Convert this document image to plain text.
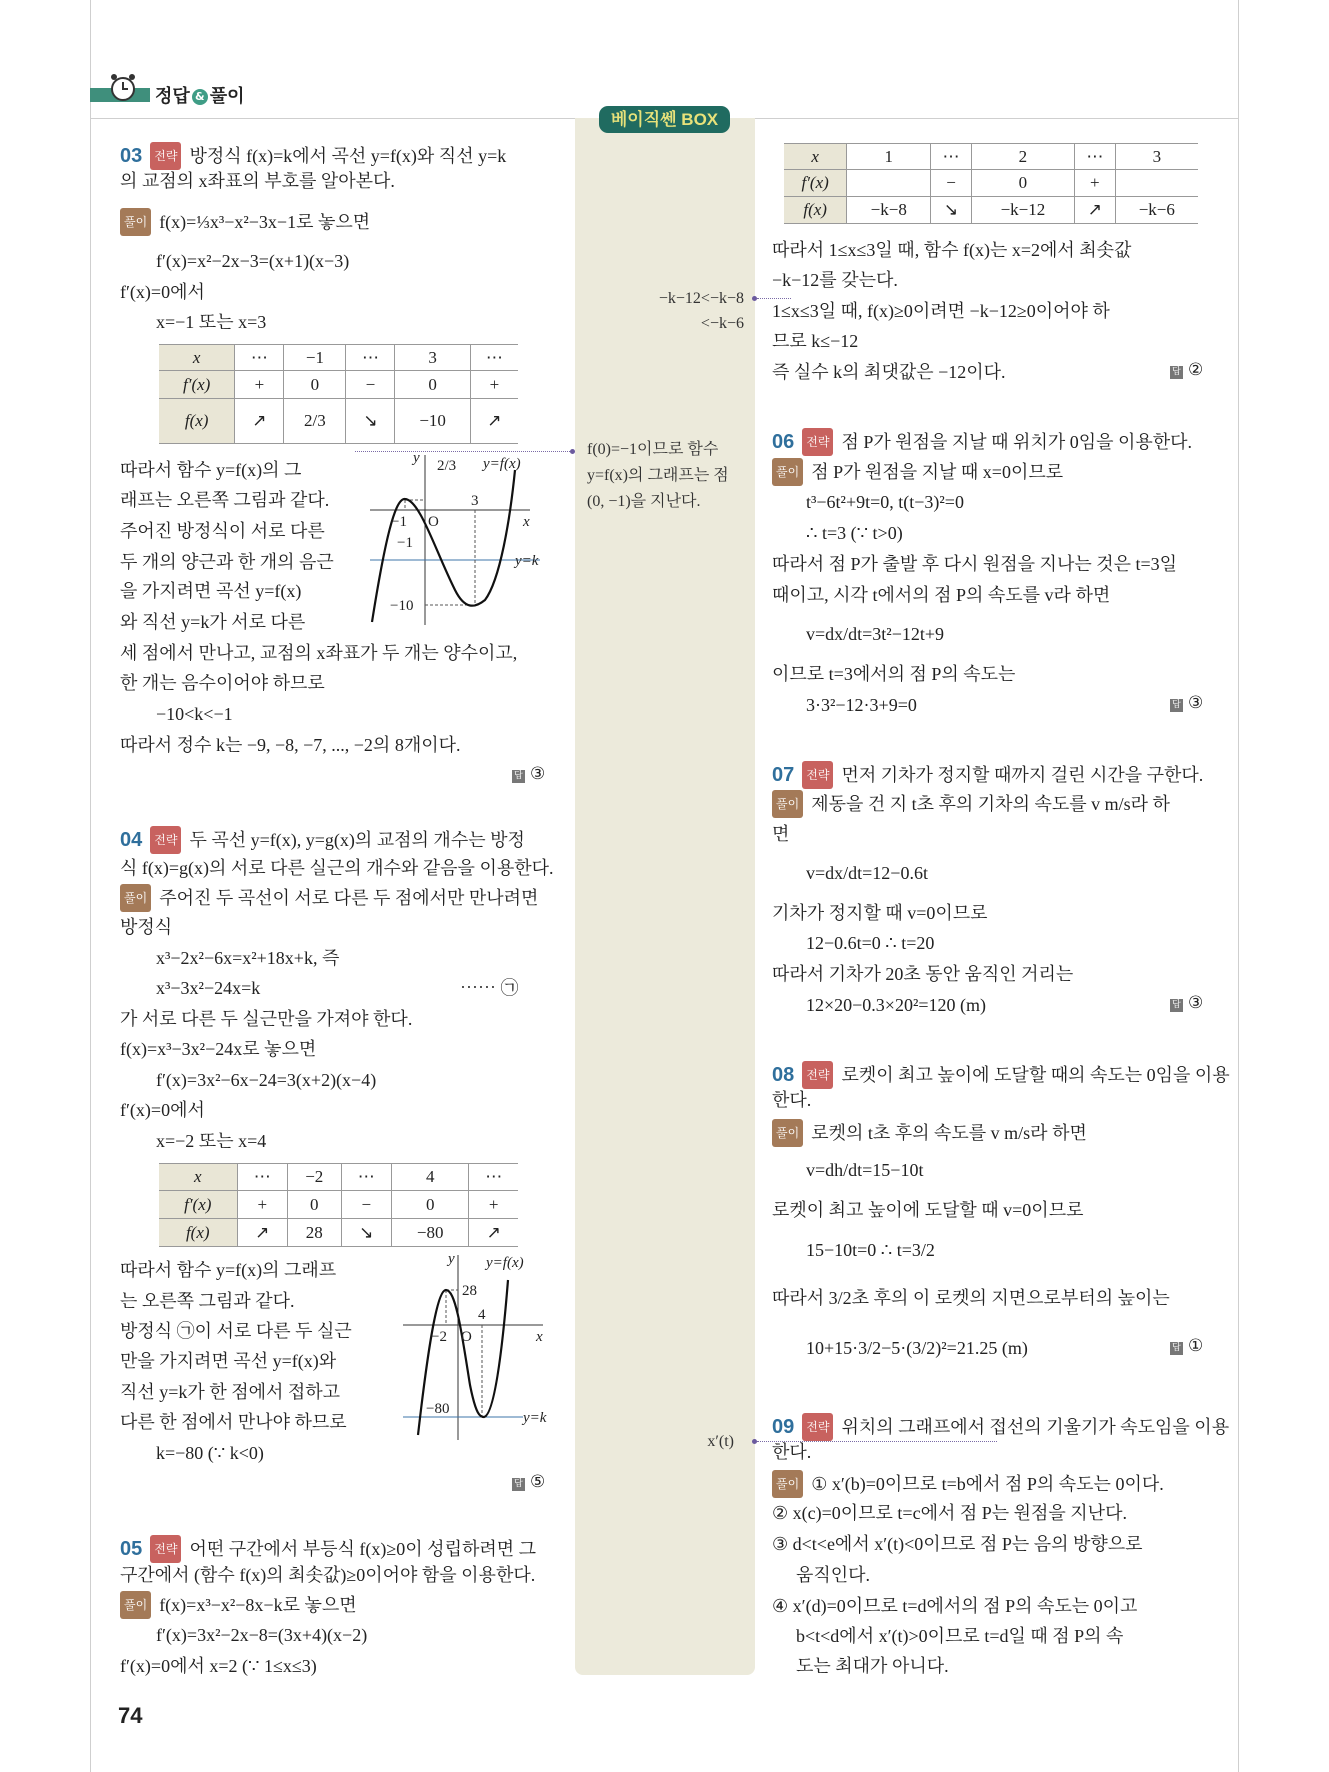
정답 & 풀이
베이직쎈 BOX
−k−12<−k−8
<−k−6
f(0)=−1이므로 함수
y=f(x)의 그래프는 점
(0, −1)을 지난다.
x′(t)
03 전략 방정식 f(x)=k에서 곡선 y=f(x)와 직선 y=k
의 교점의 x좌표의 부호를 알아본다.
풀이 f(x)=⅓x³−x²−3x−1로 놓으면
f′(x)=x²−2x−3=(x+1)(x−3)
f′(x)=0에서
x=−1 또는 x=3
x	⋯	−1	⋯	3	⋯
f′(x)	+	0	−	0	+
f(x)	↗	2/3	↘	−10	↗
따라서 함수 y=f(x)의 그
래프는 오른쪽 그림과 같다.
주어진 방정식이 서로 다른
두 개의 양근과 한 개의 음근
을 가지려면 곡선 y=f(x)
와 직선 y=k가 서로 다른
세 점에서 만나고, 교점의 x좌표가 두 개는 양수이고,
한 개는 음수이어야 하므로
−10<k<−1
따라서 정수 k는 −9, −8, −7, ..., −2의 8개이다.
답 ③
y
x
O
2/3 y=f(x)
y=k
−1
−1
3
−10
04 전략 두 곡선 y=f(x), y=g(x)의 교점의 개수는 방정
식 f(x)=g(x)의 서로 다른 실근의 개수와 같음을 이용한다.
풀이 주어진 두 곡선이 서로 다른 두 점에서만 만나려면
방정식
x³−2x²−6x=x²+18x+k, 즉
x³−3x²−24x=k	⋯⋯ ㉠
가 서로 다른 두 실근만을 가져야 한다.
f(x)=x³−3x²−24x로 놓으면
f′(x)=3x²−6x−24=3(x+2)(x−4)
f′(x)=0에서
x=−2 또는 x=4
x	⋯	−2	⋯	4	⋯
f′(x)	+	0	−	0	+
f(x)	↗	28	↘	−80	↗
따라서 함수 y=f(x)의 그래프
는 오른쪽 그림과 같다.
방정식 ㉠이 서로 다른 두 실근
만을 가지려면 곡선 y=f(x)와
직선 y=k가 한 점에서 접하고
다른 한 점에서 만나야 하므로
k=−80 (∵ k<0)
답 ⑤
y
x
O
y=f(x)
y=k
28
−2
4
−80
05 전략 어떤 구간에서 부등식 f(x)≥0이 성립하려면 그
구간에서 (함수 f(x)의 최솟값)≥0이어야 함을 이용한다.
풀이 f(x)=x³−x²−8x−k로 놓으면
f′(x)=3x²−2x−8=(3x+4)(x−2)
f′(x)=0에서 x=2 (∵ 1≤x≤3)
74
x	1	⋯	2	⋯	3
f′(x)		−	0	+	
f(x)	−k−8	↘	−k−12	↗	−k−6
따라서 1≤x≤3일 때, 함수 f(x)는 x=2에서 최솟값
−k−12를 갖는다.
1≤x≤3일 때, f(x)≥0이려면 −k−12≥0이어야 하
므로 k≤−12
즉 실수 k의 최댓값은 −12이다.	답 ②
06 전략 점 P가 원점을 지날 때 위치가 0임을 이용한다.
풀이 점 P가 원점을 지날 때 x=0이므로
t³−6t²+9t=0, t(t−3)²=0
∴ t=3 (∵ t>0)
따라서 점 P가 출발 후 다시 원점을 지나는 것은 t=3일
때이고, 시각 t에서의 점 P의 속도를 v라 하면
v=dx/dt=3t²−12t+9
이므로 t=3에서의 점 P의 속도는
3·3²−12·3+9=0	답 ③
07 전략 먼저 기차가 정지할 때까지 걸린 시간을 구한다.
풀이 제동을 건 지 t초 후의 기차의 속도를 v m/s라 하
면
v=dx/dt=12−0.6t
기차가 정지할 때 v=0이므로
12−0.6t=0 ∴ t=20
따라서 기차가 20초 동안 움직인 거리는
12×20−0.3×20²=120 (m)	답 ③
08 전략 로켓이 최고 높이에 도달할 때의 속도는 0임을 이용
한다.
풀이 로켓의 t초 후의 속도를 v m/s라 하면
v=dh/dt=15−10t
로켓이 최고 높이에 도달할 때 v=0이므로
15−10t=0 ∴ t=3/2
따라서 3/2초 후의 이 로켓의 지면으로부터의 높이는
10+15·3/2−5·(3/2)²=21.25 (m)	답 ①
09 전략 위치의 그래프에서 접선의 기울기가 속도임을 이용
한다.
풀이 ① x′(b)=0이므로 t=b에서 점 P의 속도는 0이다.
② x(c)=0이므로 t=c에서 점 P는 원점을 지난다.
③ d<t<e에서 x′(t)<0이므로 점 P는 음의 방향으로
움직인다.
④ x′(d)=0이므로 t=d에서의 점 P의 속도는 0이고
b<t<d에서 x′(t)>0이므로 t=d일 때 점 P의 속
도는 최대가 아니다.
